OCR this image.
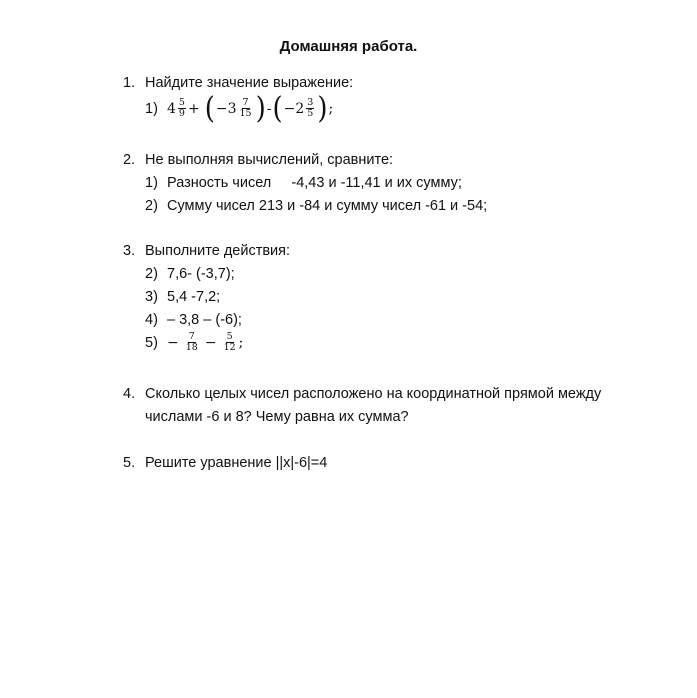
Домашняя работа.
1. Найдите значение выражение:
1) $4 \frac{5}{9}$ + ( $-3 \frac{7}{15}$ ) - ( $-2 \frac{3}{5}$ ) ;
2. Не выполняя вычислений, сравните:
1) Разность чисел     -4,43 и -11,41 и их сумму;
2) Сумму чисел 213 и -84 и сумму чисел -61 и -54;
3. Выполните действия:
2) 7,6- (-3,7);
3) 5,4 -7,2;
4) – 3,8 – (-6);
$5) - \frac{7}{18} - \frac{5}{12}$ ;
4. Сколько целых чисел расположено на координатной прямой между
числами -6 и 8? Чему равна их сумма?
5. Решите уравнение ||x|-6|=4
